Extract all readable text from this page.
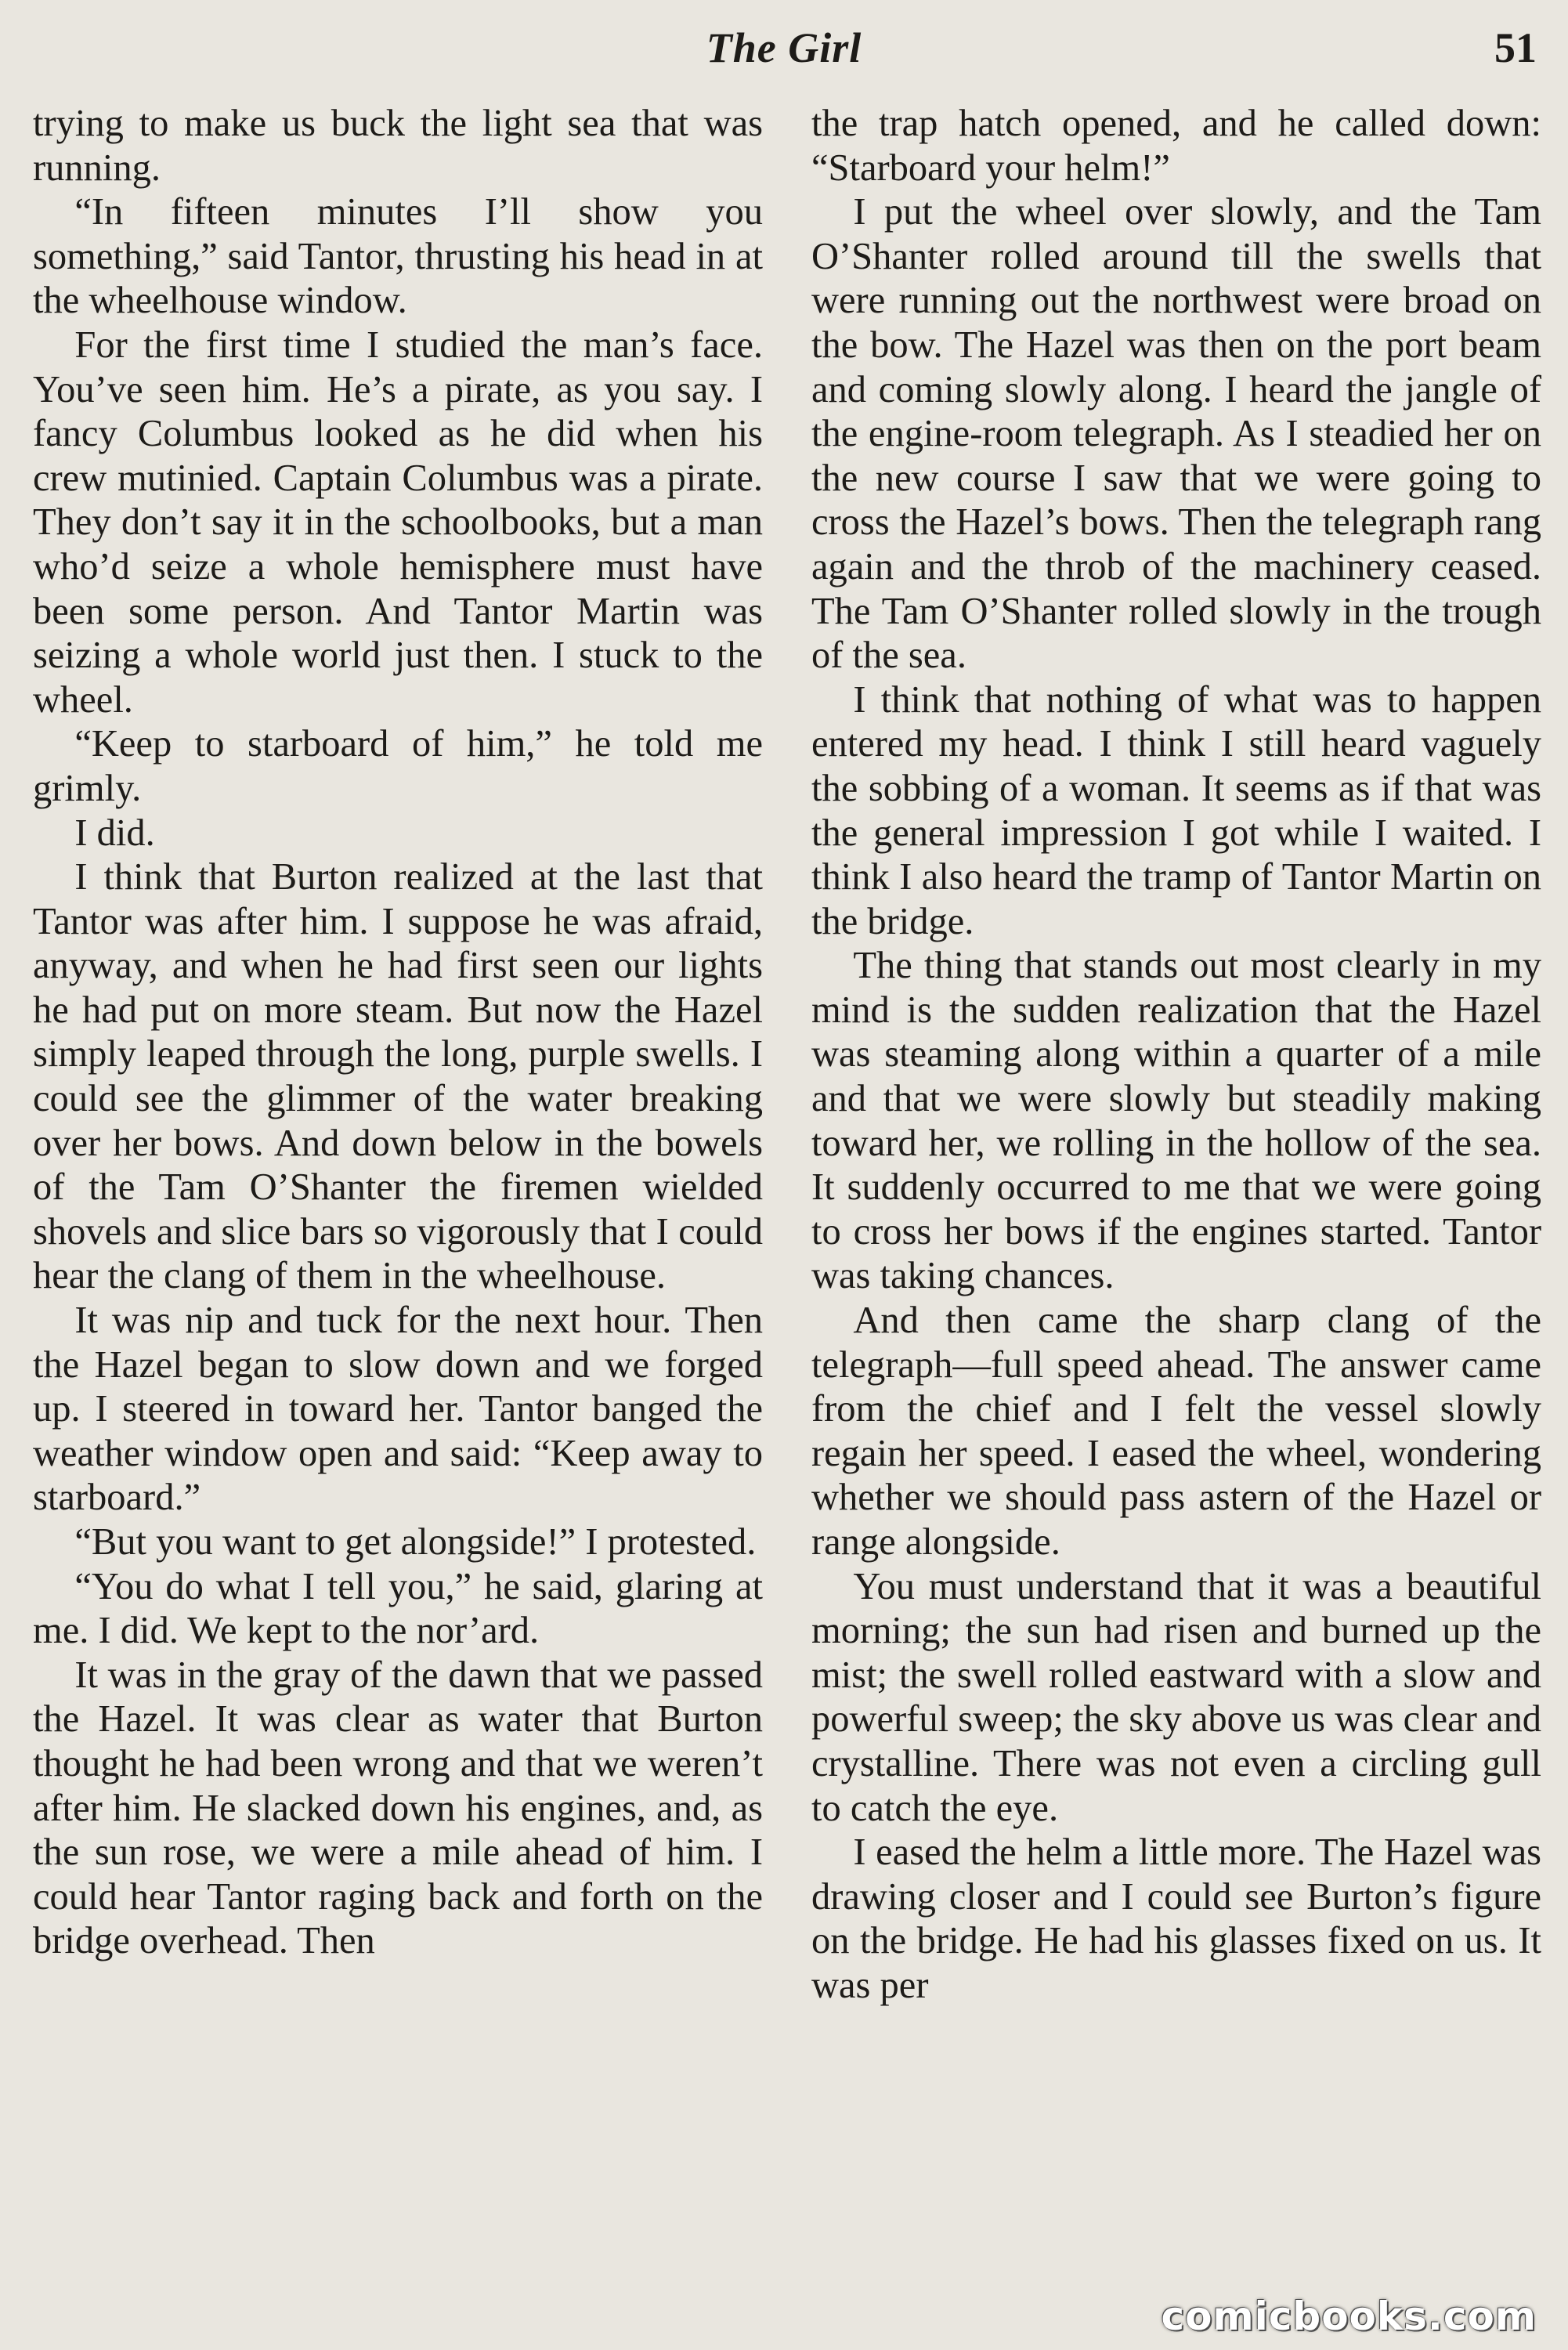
The Girl	51

trying to make us buck the light sea that was running.

“In fifteen minutes I’ll show you something,” said Tantor, thrusting his head in at the wheelhouse window.

For the first time I studied the man’s face. You’ve seen him. He’s a pirate, as you say. I fancy Columbus looked as he did when his crew mutinied. Captain Columbus was a pirate. They don’t say it in the schoolbooks, but a man who’d seize a whole hemisphere must have been some person. And Tantor Martin was seizing a whole world just then. I stuck to the wheel.

“Keep to starboard of him,” he told me grimly.

I did.

I think that Burton realized at the last that Tantor was after him. I suppose he was afraid, anyway, and when he had first seen our lights he had put on more steam. But now the Hazel simply leaped through the long, purple swells. I could see the glimmer of the water breaking over her bows. And down below in the bowels of the Tam O’Shanter the firemen wielded shovels and slice bars so vigorously that I could hear the clang of them in the wheelhouse.

It was nip and tuck for the next hour. Then the Hazel began to slow down and we forged up. I steered in toward her. Tantor banged the weather window open and said: “Keep away to starboard.”

“But you want to get alongside!” I protested.

“You do what I tell you,” he said, glaring at me. I did. We kept to the nor’ard.

It was in the gray of the dawn that we passed the Hazel. It was clear as water that Burton thought he had been wrong and that we weren’t after him. He slacked down his engines, and, as the sun rose, we were a mile ahead of him. I could hear Tantor raging back and forth on the bridge overhead. Then

the trap hatch opened, and he called down: “Starboard your helm!”

I put the wheel over slowly, and the Tam O’Shanter rolled around till the swells that were running out the northwest were broad on the bow. The Hazel was then on the port beam and coming slowly along. I heard the jangle of the engine-room telegraph. As I steadied her on the new course I saw that we were going to cross the Hazel’s bows. Then the telegraph rang again and the throb of the machinery ceased. The Tam O’Shanter rolled slowly in the trough of the sea.

I think that nothing of what was to happen entered my head. I think I still heard vaguely the sobbing of a woman. It seems as if that was the general impression I got while I waited. I think I also heard the tramp of Tantor Martin on the bridge.

The thing that stands out most clearly in my mind is the sudden realization that the Hazel was steaming along within a quarter of a mile and that we were slowly but steadily making toward her, we rolling in the hollow of the sea. It suddenly occurred to me that we were going to cross her bows if the engines started. Tantor was taking chances.

And then came the sharp clang of the telegraph—full speed ahead. The answer came from the chief and I felt the vessel slowly regain her speed. I eased the wheel, wondering whether we should pass astern of the Hazel or range alongside.

You must understand that it was a beautiful morning; the sun had risen and burned up the mist; the swell rolled eastward with a slow and powerful sweep; the sky above us was clear and crystalline. There was not even a circling gull to catch the eye.

I eased the helm a little more. The Hazel was drawing closer and I could see Burton’s figure on the bridge. He had his glasses fixed on us. It was per

comicbooks.com
